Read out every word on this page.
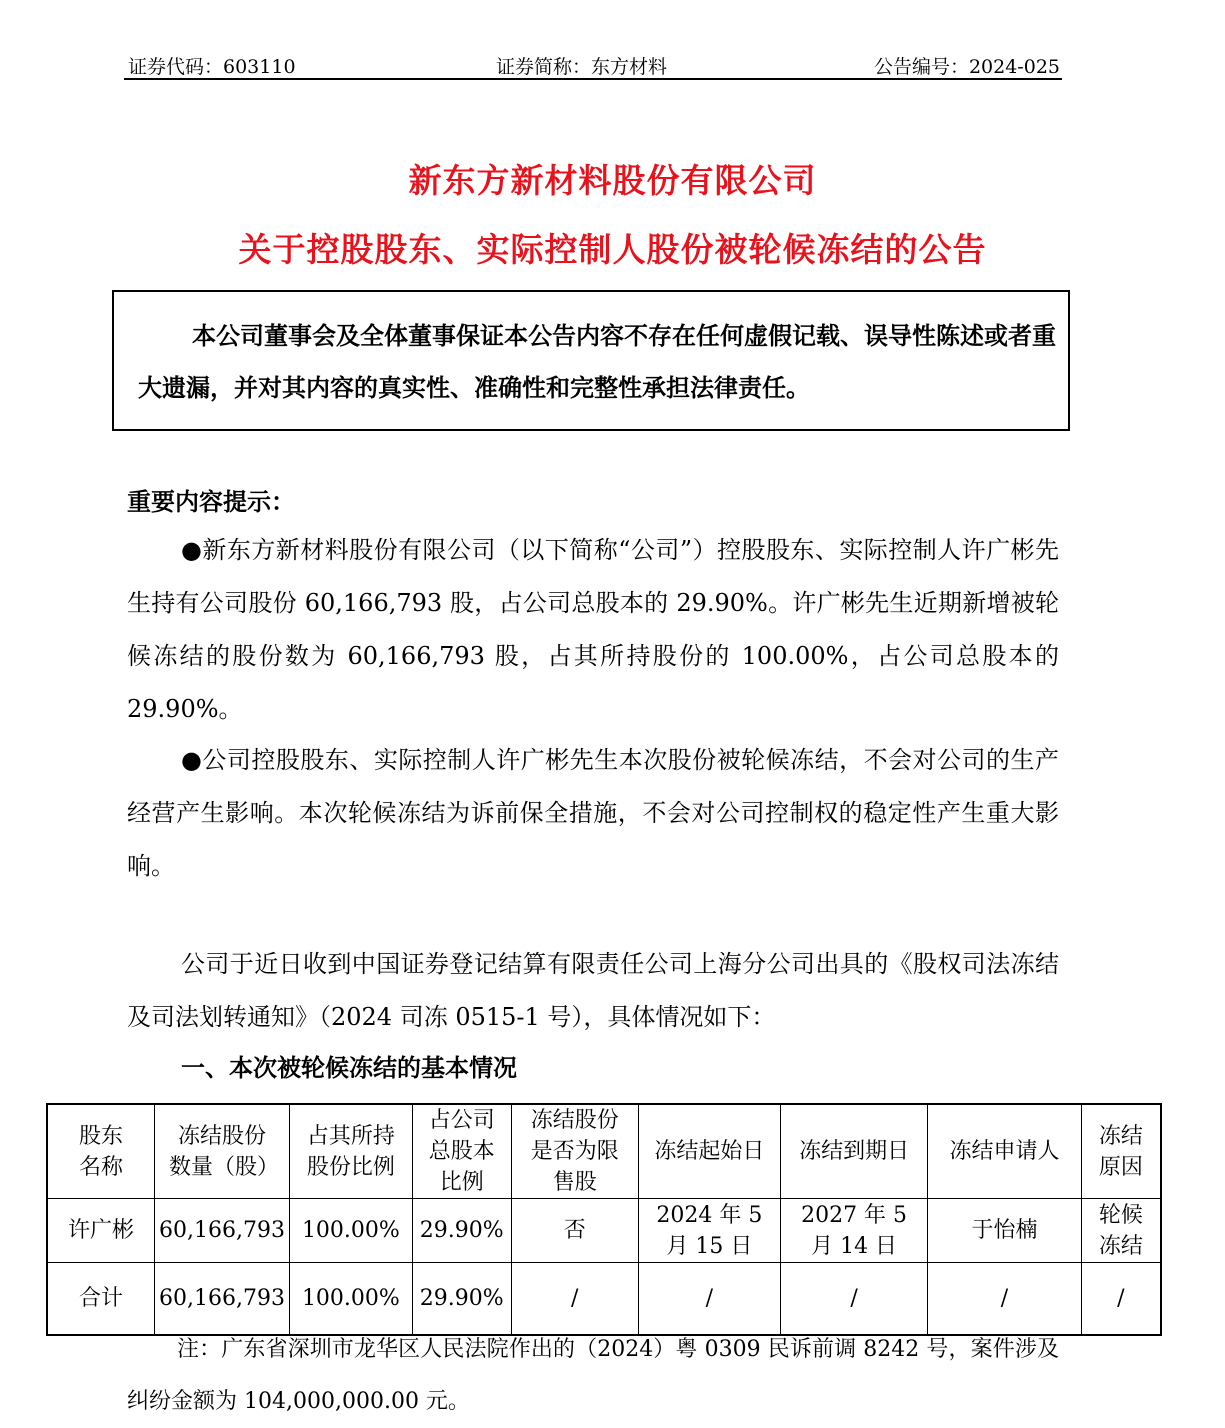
证券代码：603110	证券简称：东方材料	公告编号：2024-025
新东方新材料股份有限公司
关于控股股东、实际控制人股份被轮候冻结的公告
本公司董事会及全体董事保证本公告内容不存在任何虚假记载、误导性陈述或者重大遗漏，并对其内容的真实性、准确性和完整性承担法律责任。
重要内容提示：
●新东方新材料股份有限公司（以下简称“公司”）控股股东、实际控制人许广彬先生持有公司股份 60,166,793 股，占公司总股本的 29.90%。许广彬先生近期新增被轮候冻结的股份数为 60,166,793 股，占其所持股份的 100.00%，占公司总股本的 29.90%。
●公司控股股东、实际控制人许广彬先生本次股份被轮候冻结，不会对公司的生产经营产生影响。本次轮候冻结为诉前保全措施，不会对公司控制权的稳定性产生重大影响。
公司于近日收到中国证券登记结算有限责任公司上海分公司出具的《股权司法冻结及司法划转通知》（2024 司冻 0515-1 号），具体情况如下：
一、本次被轮候冻结的基本情况
股东名称	冻结股份数量（股）	占其所持股份比例	占公司总股本比例	冻结股份是否为限售股	冻结起始日	冻结到期日	冻结申请人	冻结原因
许广彬	60,166,793	100.00%	29.90%	否	2024 年 5 月 15 日	2027 年 5 月 14 日	于怡楠	轮候冻结
合计	60,166,793	100.00%	29.90%	/	/	/	/	/
注：广东省深圳市龙华区人民法院作出的（2024）粤 0309 民诉前调 8242 号，案件涉及纠纷金额为 104,000,000.00 元。
